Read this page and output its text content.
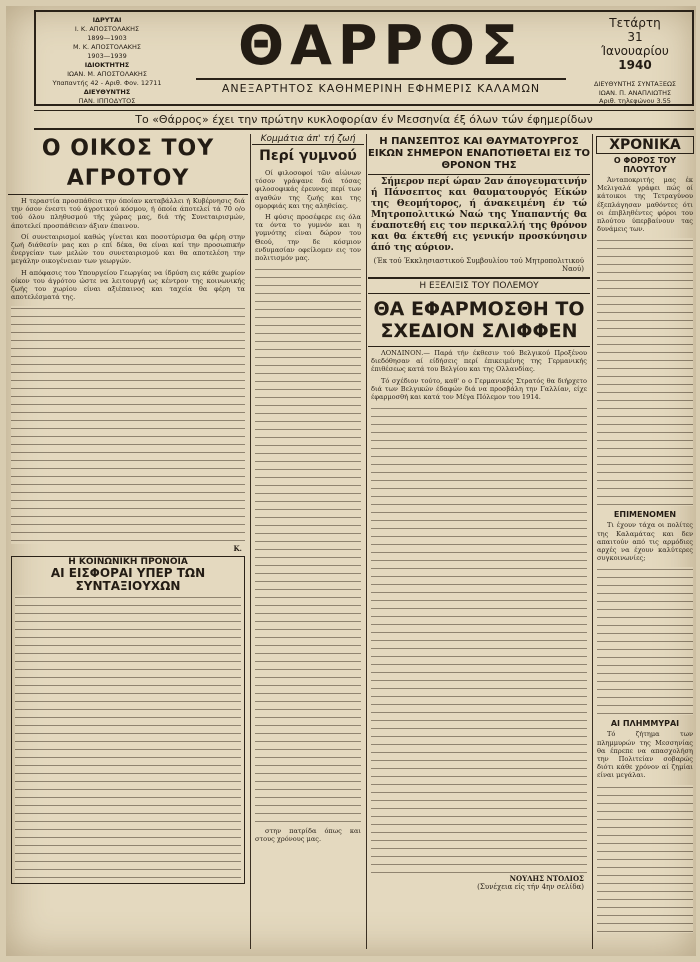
ΙΔΡΥΤΑΙ
Ι. Κ. ΑΠΟΣΤΟΛΑΚΗΣ
1899—1903
Μ. Κ. ΑΠΟΣΤΟΛΑΚΗΣ
1903—1939
ΙΔΙΟΚΤΗΤΗΣ
ΙΩΑΝ. Μ. ΑΠΟΣΤΟΛΑΚΗΣ
Υπαπαντής 42 - Αριθ. Φον. 12711
ΔΙΕΥΘΥΝΤΗΣ
ΠΑΝ. ΙΠΠΟΔΥΤΟΣ
ΘΑΡΡΟΣ
ΑΝΕΞΑΡΤΗΤΟΣ ΚΑΘΗΜΕΡΙΝΗ ΕΦΗΜΕΡΙΣ ΚΑΛΑΜΩΝ
Τετάρτη
31
Ίανουαρίου
1940
ΔΙΕΥΘΥΝΤΗΣ ΣΥΝΤΑΞΕΩΣ
ΙΩΑΝ. Π. ΑΝΑΠΛΙΩΤΗΣ
Αριθ. τηλεφώνου 3.55
Το «Θάρρος» έχει την πρώτην κυκλοφορίαν έν Μεσσηνία έξ όλων τών έφημερίδων
Ο ΟΙΚΟΣ ΤΟΥ ΑΓΡΟΤΟΥ

Η τεραστία προσπάθεια την όποίαν καταβάλλει ή Κυβέρνησις διά την όσον ένεστι τού άγροτικού κόσμου, ή όποία άποτελεί τά 70 ο/ο τού όλου πληθυσμού τής χώρας μας, διά τής Συνεταιρισμών, άποτελεί προσπάθειαν άξιαν έπαινου.

Οί συνεταιρισμοί καθώς γίνεται και ποσοτύρισμα θα φέρη στην ζωή διάθεσίν μας και ρ επί δέκα, θα είναι καί την προσωπικήν ένεργείαν των μελών του συνεταιρισμού και θα αποτελέση την μεγάλην οικογένειαν των γεωργών.

Η απόφασις του Υπουργείου Γεωργίας να ίδρύση εις κάθε χωρίον οίκον του άγρότου ώστε να λειτουργή ως κέντρον της κοινωνικής ζωής του χωρίου είναι αξιέπαινος και ταχεία θα φέρη τα αποτελέσματά της.

Κ.
Η ΚΟΙΝΩΝΙΚΗ ΠΡΟΝΟΙΑ
ΑΙ ΕΙΣΦΟΡΑΙ ΥΠΕΡ ΤΩΝ ΣΥΝΤΑΞΙΟΥΧΩΝ
Κομμάτια άπ' τή ζωή
Περί γυμνού

Οί φιλοσοφοί τῶν αἰώνων τόσον γράψανε διά τόσας φιλοσοφικάς έρευνας περί των αγαθών της ζωής και της ομορφιάς και της αληθείας.

Η φύσις προσέφερε εις όλα τα όντα το γυμνόν και η γυμνότης είναι δώρον του Θεού, την δε κόσμιον ενδυμασίαν οφείλομεν εις τον πολιτισμόν μας.

στην πατρίδα όπως και στους χρόνους μας.

Η ΠΑΝΣΕΠΤΟΣ ΚΑΙ ΘΑΥΜΑΤΟΥΡΓΟΣ ΕΙΚΩΝ ΣΗΜΕΡΟΝ ΕΝΑΠΟΤΙΘΕΤΑΙ ΕΙΣ ΤΟ ΘΡΟΝΟΝ ΤΗΣ

Σήμερον περί ώραν 2αν άπογευματινήν ή Πάνσεπτος και θαυματουργός Είκών της Θεομήτορος, ή άνακειμένη έν τώ Μητροπολιτικώ Ναώ της Υπαπαντής θα έναποτεθή εις τον περικαλλή της θρόνον και θα έκτεθή εις γενικήν προσκύνησιν άπό της αύριον.

(Έκ τού Έκκλησιαστικού Συμβουλίου τού Μητροπολιτικού Ναού)
Η ΕΞΕΛΙΞΙΣ ΤΟΥ ΠΟΛΕΜΟΥ
ΘΑ ΕΦΑΡΜΟΣΘΗ ΤΟ ΣΧΕΔΙΟΝ ΣΛΙΦΦΕΝ

ΛΟΝΔΙΝΟΝ.— Παρά τήν έκθεσιν τού Βελγικού Προξένου διεδόθησαν αί είδήσεις περί έπικειμένης της Γερμανικής έπιθέσεως κατά του Βελγίου και της Ολλανδίας.

Τό σχέδιον τούτο, καθ' ο ο Γερμανικός Στρατός θα διήρχετο διά των Βελγικών έδαφών διά να προσβάλη την Γαλλίαν, είχε έφαρμοσθή και κατά τον Μέγα Πόλεμον του 1914.

ΝΟΥΛΗΣ ΝΤΟΛΙΟΣ
(Συνέχεια είς τήν 4ην σελίδα)
ΧΡΟΝΙΚΑ
Ο ΦΟΡΟΣ ΤΟΥ ΠΛΟΥΤΟΥ

Άνταποκριτής μας έκ Μελιγαλά γράφει πώς οί κάτοικοι της Τετραγύνου έξεπλάγησαν μαθόντες ότι οι έπιβληθέντες φόροι του πλούτου ύπερβαίνουν τας δυνάμεις των.

ΕΠΙΜΕΝΟΜΕΝ

Τι έχουν τάχα οι πολίτες της Καλαμάτας και δεν απαιτούν από τις αρμόδιες αρχές να έχουν καλύτερες συγκοινωνίες;

ΑΙ ΠΛΗΜΜΥΡΑΙ

Τό ζήτημα των πλημμυρών της Μεσσηνίας θα έπρεπε να απασχολήση την Πολιτείαν σοβαρώς διότι κάθε χρόνον αί ζημίαι είναι μεγάλαι.
